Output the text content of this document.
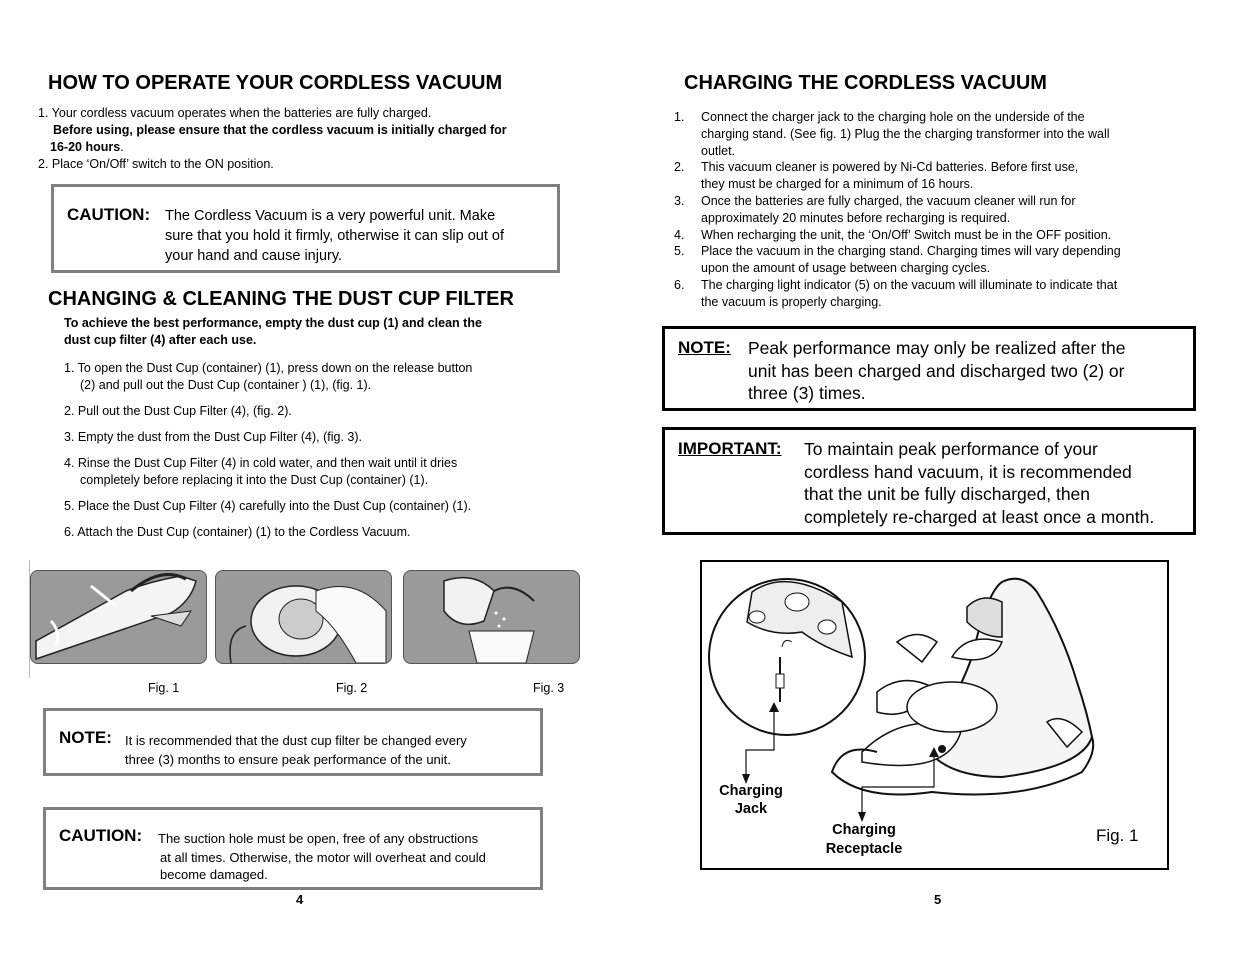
HOW TO OPERATE YOUR CORDLESS VACUUM
1. Your cordless vacuum operates when the batteries are fully charged.
Before using, please ensure that the cordless vacuum is initially charged for
16-20 hours.
2. Place ‘On/Off’ switch to the ON position.
CAUTION: The Cordless Vacuum is a very powerful unit. Make
sure that you hold it firmly, otherwise it can slip out of
your hand and cause injury.
CHANGING & CLEANING THE DUST CUP FILTER
To achieve the best performance, empty the dust cup (1) and clean the
dust cup filter (4) after each use.
1. To open the Dust Cup (container) (1), press down on the release button
(2) and pull out the Dust Cup (container ) (1), (fig. 1).
2. Pull out the Dust Cup Filter (4), (fig. 2).
3. Empty the dust from the Dust Cup Filter (4), (fig. 3).
4. Rinse the Dust Cup Filter (4) in cold water, and then wait until it dries
completely before replacing it into the Dust Cup (container) (1).
5. Place the Dust Cup Filter (4) carefully into the Dust Cup (container) (1).
6. Attach the Dust Cup (container) (1) to the Cordless Vacuum.
Fig. 1	Fig. 2	Fig. 3
NOTE: It is recommended that the dust cup filter be changed every
three (3) months to ensure peak performance of the unit.
CAUTION: The suction hole must be open, free of any obstructions
at all times. Otherwise, the motor will overheat and could
become damaged.
4
CHARGING THE CORDLESS VACUUM
1. Connect the charger jack to the charging hole on the underside of the
charging stand. (See fig. 1) Plug the the charging transformer into the wall
outlet.
2. This vacuum cleaner is powered by Ni-Cd batteries. Before first use,
they must be charged for a minimum of 16 hours.
3. Once the batteries are fully charged, the vacuum cleaner will run for
approximately 20 minutes before recharging is required.
4. When recharging the unit, the ‘On/Off’ Switch must be in the OFF position.
5. Place the vacuum in the charging stand. Charging times will vary depending
upon the amount of usage between charging cycles.
6. The charging light indicator (5) on the vacuum will illuminate to indicate that
the vacuum is properly charging.
NOTE: Peak performance may only be realized after the
unit has been charged and discharged two (2) or
three (3) times.
IMPORTANT: To maintain peak performance of your
cordless hand vacuum, it is recommended
that the unit be fully discharged, then
completely re-charged at least once a month.
Charging
Jack
Charging
Receptacle
Fig. 1
5
